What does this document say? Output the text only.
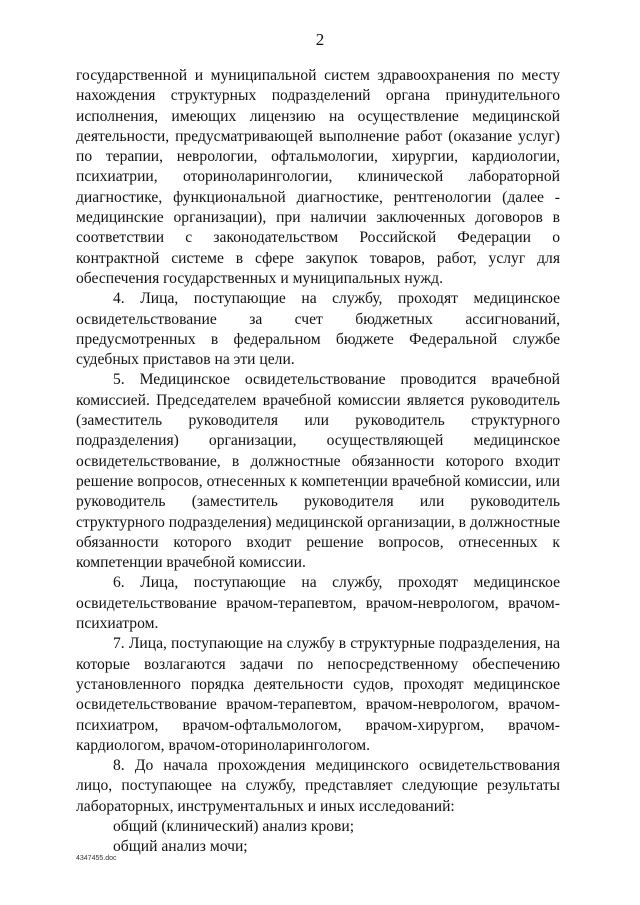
2

государственной и муниципальной систем здравоохранения по месту нахождения структурных подразделений органа принудительного исполнения, имеющих лицензию на осуществление медицинской деятельности, предусматривающей выполнение работ (оказание услуг) по терапии, неврологии, офтальмологии, хирургии, кардиологии, психиатрии, оториноларингологии, клинической лабораторной диагностике, функциональной диагностике, рентгенологии (далее - медицинские организации), при наличии заключенных договоров в соответствии с законодательством Российской Федерации о контрактной системе в сфере закупок товаров, работ, услуг для обеспечения государственных и муниципальных нужд.

4. Лица, поступающие на службу, проходят медицинское освидетельствование за счет бюджетных ассигнований, предусмотренных в федеральном бюджете Федеральной службе судебных приставов на эти цели.

5. Медицинское освидетельствование проводится врачебной комиссией. Председателем врачебной комиссии является руководитель (заместитель руководителя или руководитель структурного подразделения) организации, осуществляющей медицинское освидетельствование, в должностные обязанности которого входит решение вопросов, отнесенных к компетенции врачебной комиссии, или руководитель (заместитель руководителя или руководитель структурного подразделения) медицинской организации, в должностные обязанности которого входит решение вопросов, отнесенных к компетенции врачебной комиссии.

6. Лица, поступающие на службу, проходят медицинское освидетельствование врачом-терапевтом, врачом-неврологом, врачом-психиатром.

7. Лица, поступающие на службу в структурные подразделения, на которые возлагаются задачи по непосредственному обеспечению установленного порядка деятельности судов, проходят медицинское освидетельствование врачом-терапевтом, врачом-неврологом, врачом-психиатром, врачом-офтальмологом, врачом-хирургом, врачом-кардиологом, врачом-оториноларингологом.

8. До начала прохождения медицинского освидетельствования лицо, поступающее на службу, представляет следующие результаты лабораторных, инструментальных и иных исследований:

общий (клинический) анализ крови;

общий анализ мочи;

4347455.doc
